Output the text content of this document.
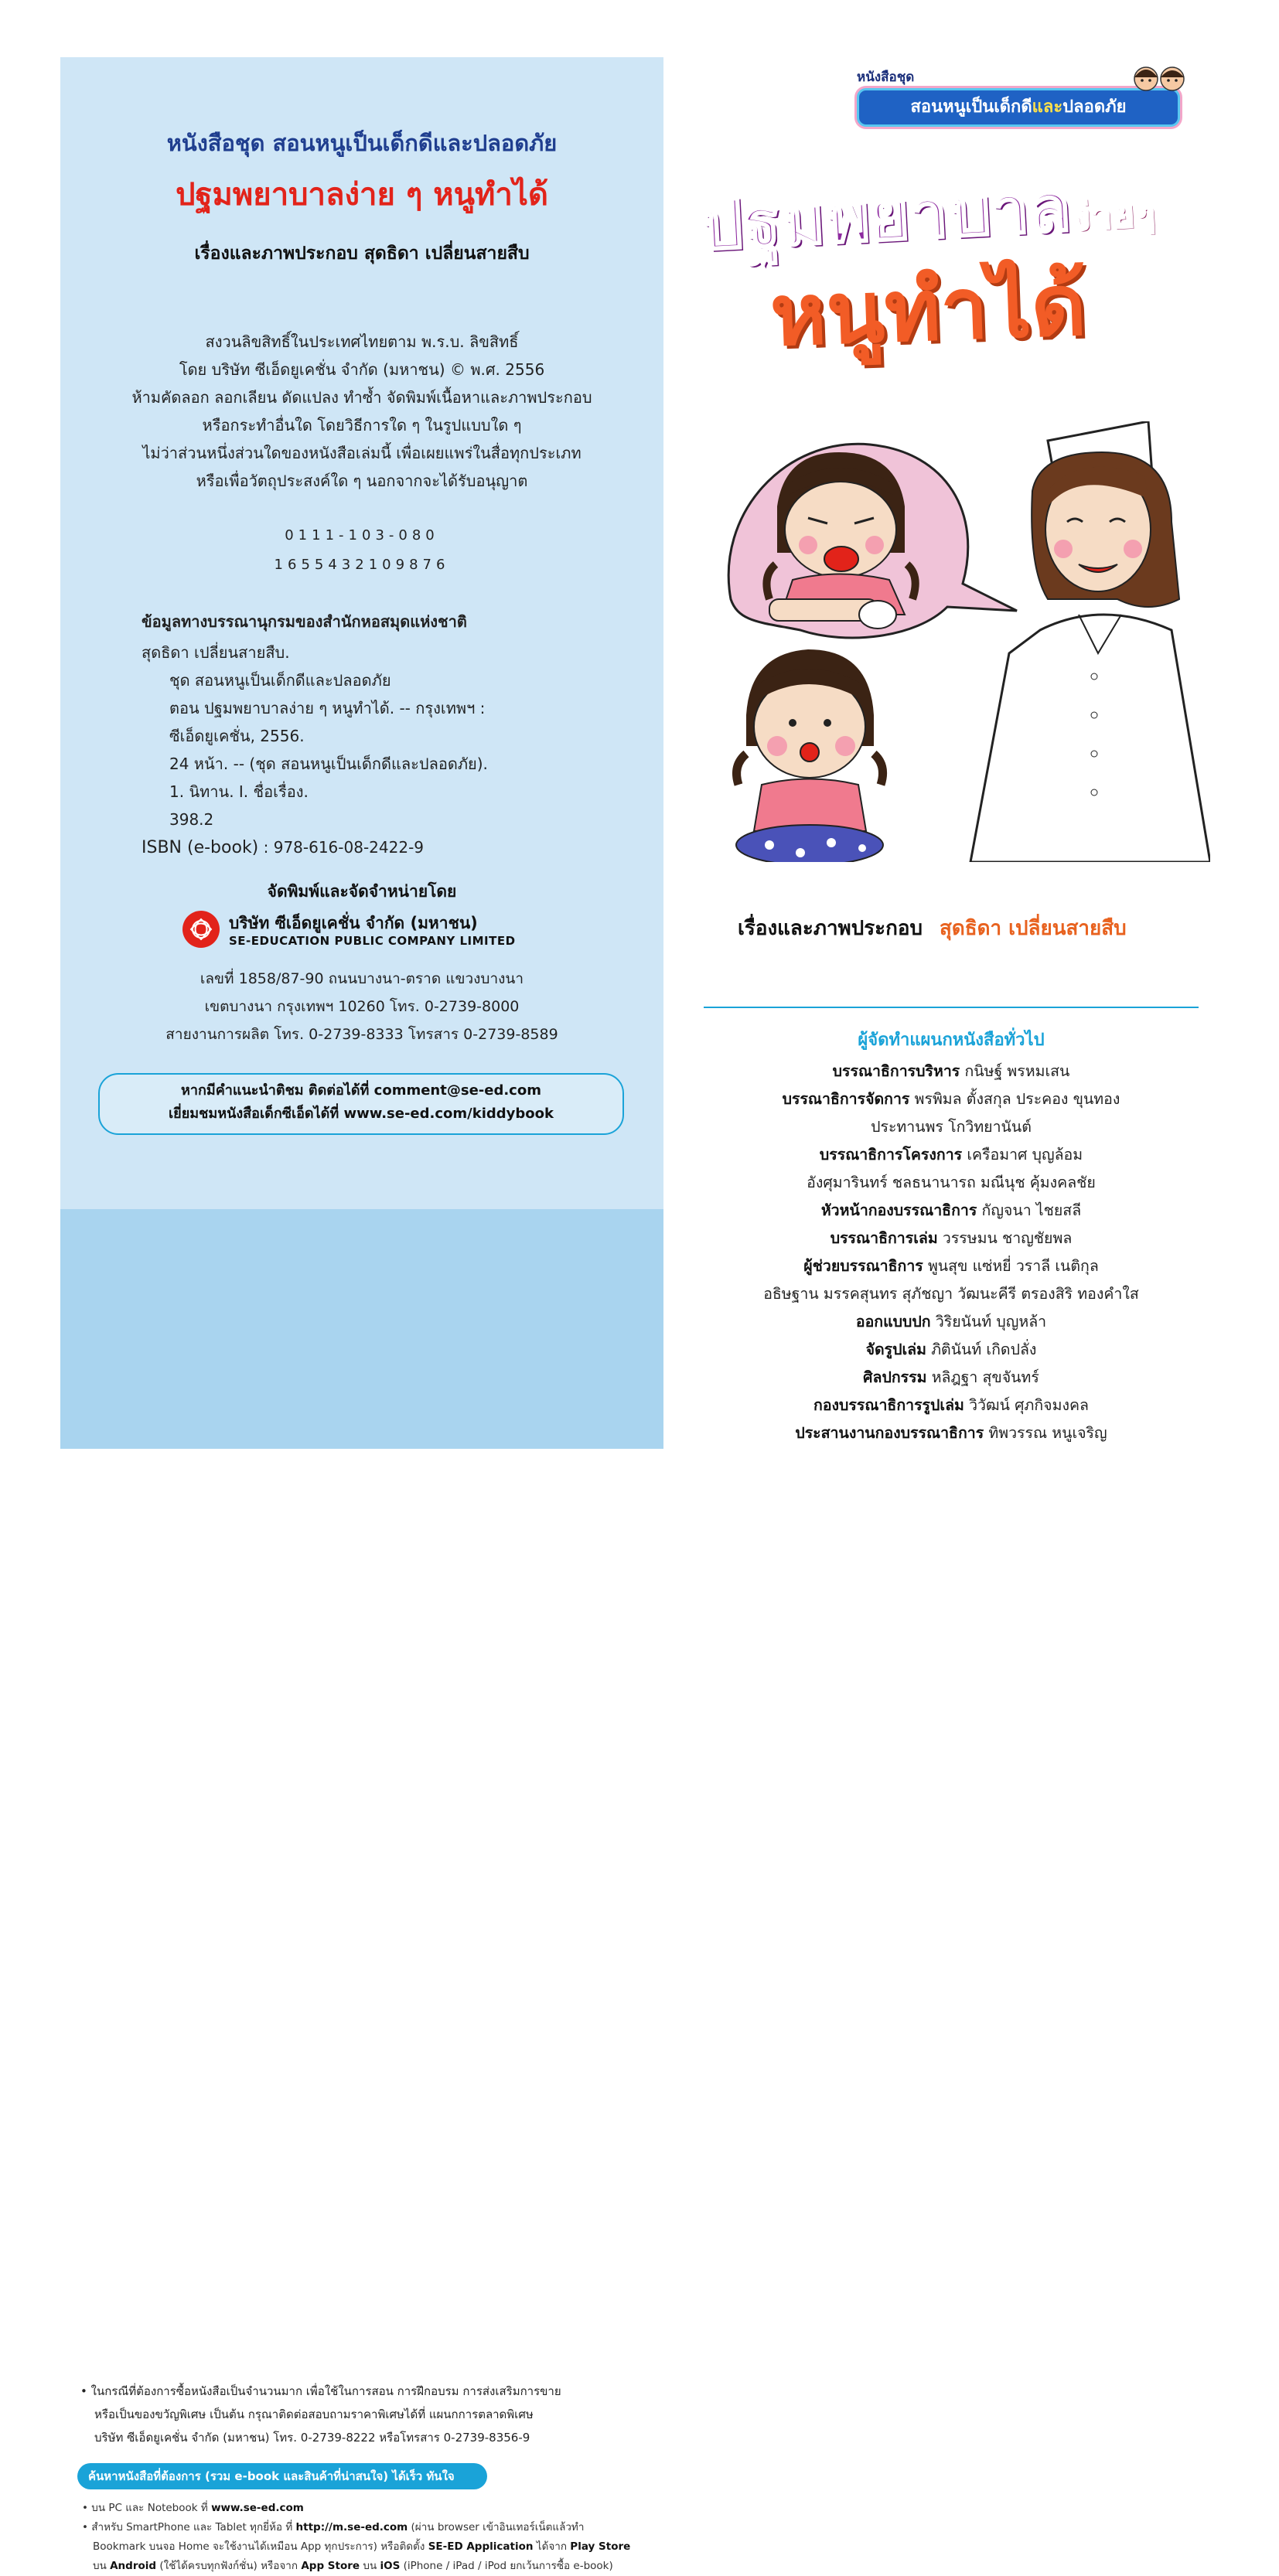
หนังสือชุด สอนหนูเป็นเด็กดีและปลอดภัย
ปฐมพยาบาลง่าย ๆ หนูทำได้
เรื่องและภาพประกอบ สุดธิดา เปลี่ยนสายสืบ
สงวนลิขสิทธิ์ในประเทศไทยตาม พ.ร.บ. ลิขสิทธิ์
โดย บริษัท ซีเอ็ดยูเคชั่น จำกัด (มหาชน) © พ.ศ. 2556
ห้ามคัดลอก ลอกเลียน ดัดแปลง ทำซ้ำ จัดพิมพ์เนื้อหาและภาพประกอบ
หรือกระทำอื่นใด โดยวิธีการใด ๆ ในรูปแบบใด ๆ
ไม่ว่าส่วนหนึ่งส่วนใดของหนังสือเล่มนี้ เพื่อเผยแพร่ในสื่อทุกประเภท
หรือเพื่อวัตถุประสงค์ใด ๆ นอกจากจะได้รับอนุญาต
0111-103-080
1655432109876
ข้อมูลทางบรรณานุกรมของสำนักหอสมุดแห่งชาติ
สุดธิดา เปลี่ยนสายสืบ.
ชุด สอนหนูเป็นเด็กดีและปลอดภัย
ตอน ปฐมพยาบาลง่าย ๆ หนูทำได้. -- กรุงเทพฯ :
ซีเอ็ดยูเคชั่น, 2556.
24 หน้า. -- (ชุด สอนหนูเป็นเด็กดีและปลอดภัย).
1. นิทาน. I. ชื่อเรื่อง.
398.2
ISBN (e-book) : 978-616-08-2422-9
จัดพิมพ์และจัดจำหน่ายโดย
บริษัท ซีเอ็ดยูเคชั่น จำกัด (มหาชน)
SE-EDUCATION PUBLIC COMPANY LIMITED
เลขที่ 1858/87-90 ถนนบางนา-ตราด แขวงบางนา
เขตบางนา กรุงเทพฯ 10260 โทร. 0-2739-8000
สายงานการผลิต โทร. 0-2739-8333 โทรสาร 0-2739-8589
หากมีคำแนะนำติชม ติดต่อได้ที่ comment@se-ed.com
เยี่ยมชมหนังสือเด็กซีเอ็ดได้ที่ www.se-ed.com/kiddybook
• ในกรณีที่ต้องการซื้อหนังสือเป็นจำนวนมาก เพื่อใช้ในการสอน การฝึกอบรม การส่งเสริมการขาย
หรือเป็นของขวัญพิเศษ เป็นต้น กรุณาติดต่อสอบถามราคาพิเศษได้ที่ แผนกการตลาดพิเศษ
บริษัท ซีเอ็ดยูเคชั่น จำกัด (มหาชน) โทร. 0-2739-8222 หรือโทรสาร 0-2739-8356-9
ค้นหาหนังสือที่ต้องการ (รวม e-book และสินค้าที่น่าสนใจ) ได้เร็ว ทันใจ
• บน PC และ Notebook ที่ www.se-ed.com
• สำหรับ SmartPhone และ Tablet ทุกยี่ห้อ ที่ http://m.se-ed.com (ผ่าน browser เข้าอินเทอร์เน็ตแล้วทำ
Bookmark บนจอ Home จะใช้งานได้เหมือน App ทุกประการ) หรือติดตั้ง SE-ED Application ได้จาก Play Store
บน Android (ใช้ได้ครบทุกฟังก์ชั่น) หรือจาก App Store บน iOS (iPhone / iPad / iPod ยกเว้นการซื้อ e-book)
หนังสือชุด
สอนหนูเป็นเด็กดีและปลอดภัย
ปฐมพยาบาลง่ายๆ
หนูทำได้
เรื่องและภาพประกอบ สุดธิดา เปลี่ยนสายสืบ
ผู้จัดทำแผนกหนังสือทั่วไป
บรรณาธิการบริหาร กนิษฐ์ พรหมเสน
บรรณาธิการจัดการ พรพิมล ตั้งสกุล ประคอง ขุนทอง
ประทานพร โกวิทยานันต์
บรรณาธิการโครงการ เครือมาศ บุญล้อม
อังศุมารินทร์ ชลธนานารถ มณีนุช คุ้มงคลชัย
หัวหน้ากองบรรณาธิการ กัญจนา ไชยสลี
บรรณาธิการเล่ม วรรษมน ชาญชัยพล
ผู้ช่วยบรรณาธิการ พูนสุข แซ่หยี่ วราลี เนติกุล
อธิษฐาน มรรคสุนทร สุภัชญา วัฒนะคีรี ตรองสิริ ทองคำใส
ออกแบบปก วิริยนันท์ บุญหล้า
จัดรูปเล่ม ภิตินันท์ เกิดปลั่ง
ศิลปกรรม หลิฎฐา สุขจันทร์
กองบรรณาธิการรูปเล่ม วิวัฒน์ ศุภกิจมงคล
ประสานงานกองบรรณาธิการ ทิพวรรณ หนูเจริญ
